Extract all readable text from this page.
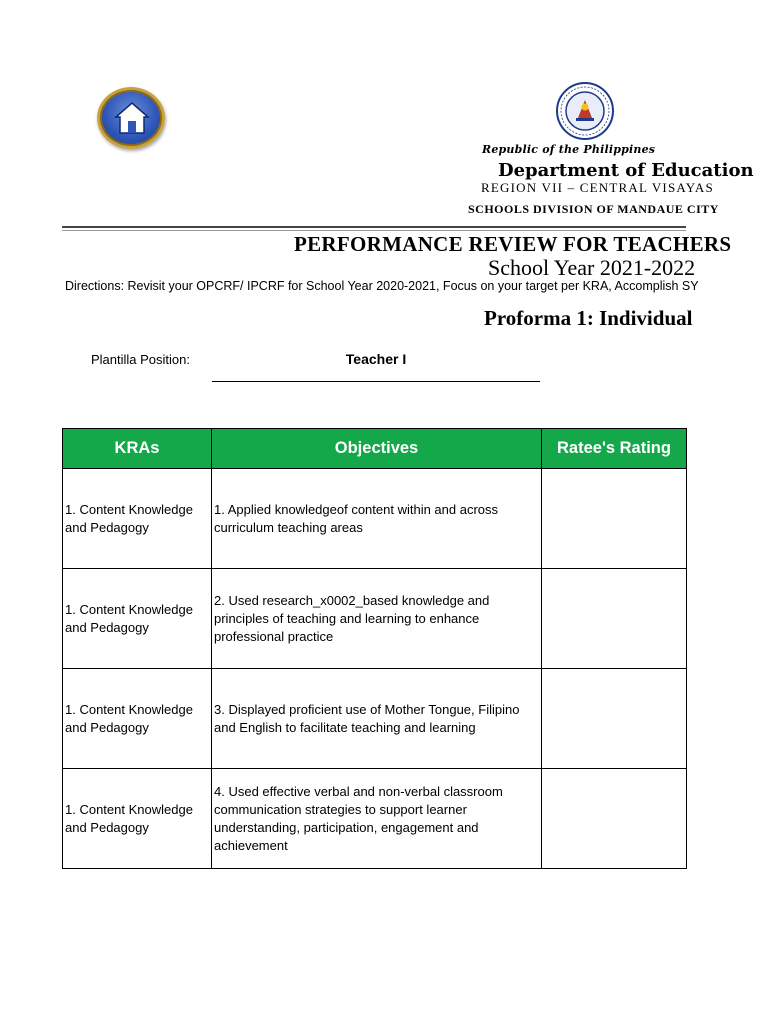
Republic of the Philippines
Department of Education
REGION VII – CENTRAL VISAYAS
SCHOOLS DIVISION OF MANDAUE CITY
PERFORMANCE REVIEW FOR TEACHERS
School Year 2021-2022
Directions: Revisit your OPCRF/ IPCRF for School Year 2020-2021, Focus on your target per KRA, Accomplish SY
Proforma 1: Individual
Plantilla Position:	Teacher I
KRAs	Objectives	Ratee's Rating
1. Content Knowledge and Pedagogy	1. Applied knowledgeof content within and across curriculum teaching areas	
1. Content Knowledge and Pedagogy	2. Used research_x0002_based knowledge and principles of teaching and learning to enhance professional practice	
1. Content Knowledge and Pedagogy	3. Displayed proficient use of Mother Tongue, Filipino and English to facilitate teaching and learning	
1. Content Knowledge and Pedagogy	4. Used effective verbal and non-verbal classroom communication strategies to support learner understanding, participation, engagement and achievement	
